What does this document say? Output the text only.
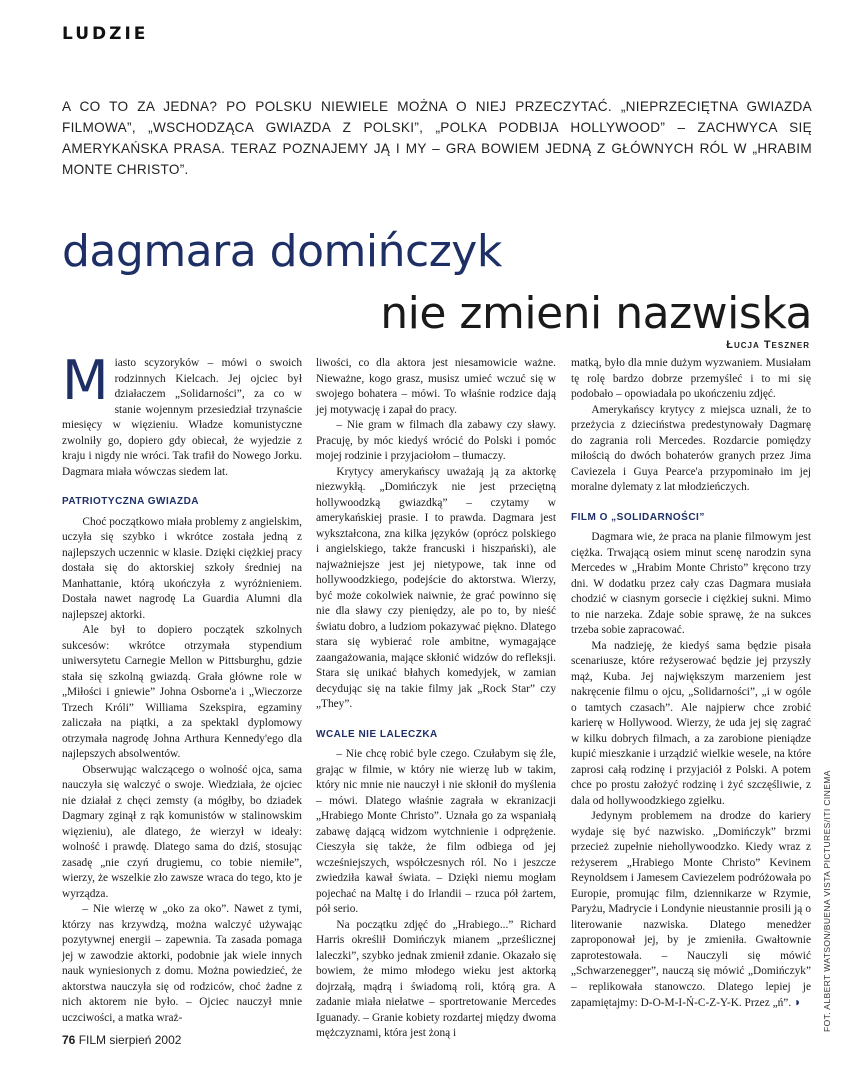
LUDZIE
A CO TO ZA JEDNA? PO POLSKU NIEWIELE MOŻNA O NIEJ PRZECZYTAĆ. „NIEPRZECIĘTNA GWIAZDA FILMOWA”, „WSCHODZĄCA GWIAZDA Z POLSKI”, „POLKA PODBIJA HOLLYWOOD” – ZACHWYCA SIĘ AMERYKAŃSKA PRASA. TERAZ POZNAJEMY JĄ I MY – GRA BOWIEM JEDNĄ Z GŁÓWNYCH RÓL W „HRABIM MONTE CHRISTO”.
dagmara domińczyk
nie zmieni nazwiska
Łucja Teszner

Miasto scyzoryków – mówi o swoich rodzinnych Kielcach. Jej ojciec był działaczem „Solidarności”, za co w stanie wojennym przesiedział trzynaście miesięcy w więzieniu. Władze komunistyczne zwolniły go, dopiero gdy obiecał, że wyjedzie z kraju i nigdy nie wróci. Tak trafił do Nowego Jorku. Dagmara miała wówczas siedem lat.

PATRIOTYCZNA GWIAZDA

Choć początkowo miała problemy z angielskim, uczyła się szybko i wkrótce została jedną z najlepszych uczennic w klasie. Dzięki ciężkiej pracy dostała się do aktorskiej szkoły średniej na Manhattanie, którą ukończyła z wyróżnieniem. Dostała nawet nagrodę La Guardia Alumni dla najlepszej aktorki.

Ale był to dopiero początek szkolnych sukcesów: wkrótce otrzymała stypendium uniwersytetu Carnegie Mellon w Pittsburghu, gdzie stała się szkolną gwiazdą. Grała główne role w „Miłości i gniewie” Johna Osborne'a i „Wieczorze Trzech Króli” Williama Szekspira, egzaminy zaliczała na piątki, a za spektakl dyplomowy otrzymała nagrodę Johna Arthura Kennedy'ego dla najlepszych absolwentów.

Obserwując walczącego o wolność ojca, sama nauczyła się walczyć o swoje. Wiedziała, że ojciec nie działał z chęci zemsty (a mógłby, bo dziadek Dagmary zginął z rąk komunistów w stalinowskim więzieniu), ale dlatego, że wierzył w ideały: wolność i prawdę. Dlatego sama do dziś, stosując zasadę „nie czyń drugiemu, co tobie niemiłe”, wierzy, że wszelkie zło zawsze wraca do tego, kto je wyrządza.

– Nie wierzę w „oko za oko”. Nawet z tymi, którzy nas krzywdzą, można walczyć używając pozytywnej energii – zapewnia. Ta zasada pomaga jej w zawodzie aktorki, podobnie jak wiele innych nauk wyniesionych z domu. Można powiedzieć, że aktorstwa nauczyła się od rodziców, choć żadne z nich aktorem nie było. – Ojciec nauczył mnie uczciwości, a matka wraż-

liwości, co dla aktora jest niesamowicie ważne. Nieważne, kogo grasz, musisz umieć wczuć się w swojego bohatera – mówi. To właśnie rodzice dają jej motywację i zapał do pracy.

– Nie gram w filmach dla zabawy czy sławy. Pracuję, by móc kiedyś wrócić do Polski i pomóc mojej rodzinie i przyjaciołom – tłumaczy.

Krytycy amerykańscy uważają ją za aktorkę niezwykłą. „Domińczyk nie jest przeciętną hollywoodzką gwiazdką” – czytamy w amerykańskiej prasie. I to prawda. Dagmara jest wykształcona, zna kilka języków (oprócz polskiego i angielskiego, także francuski i hiszpański), ale najważniejsze jest jej nietypowe, tak inne od hollywoodzkiego, podejście do aktorstwa. Wierzy, być może cokolwiek naiwnie, że grać powinno się nie dla sławy czy pieniędzy, ale po to, by nieść światu dobro, a ludziom pokazywać piękno. Dlatego stara się wybierać role ambitne, wymagające zaangażowania, mające skłonić widzów do refleksji. Stara się unikać błahych komedyjek, w zamian decydując się na takie filmy jak „Rock Star” czy „They”.

WCALE NIE LALECZKA

– Nie chcę robić byle czego. Czułabym się źle, grając w filmie, w który nie wierzę lub w takim, który nic mnie nie nauczył i nie skłonił do myślenia – mówi. Dlatego właśnie zagrała w ekranizacji „Hrabiego Monte Christo”. Uznała go za wspaniałą zabawę dającą widzom wytchnienie i odprężenie. Cieszyła się także, że film odbiega od jej wcześniejszych, współczesnych ról. No i jeszcze zwiedziła kawał świata. – Dzięki niemu mogłam pojechać na Maltę i do Irlandii – rzuca pół żartem, pół serio.

Na początku zdjęć do „Hrabiego...” Richard Harris określił Domińczyk mianem „prześlicznej laleczki”, szybko jednak zmienił zdanie. Okazało się bowiem, że mimo młodego wieku jest aktorką dojrzałą, mądrą i świadomą roli, którą gra. A zadanie miała niełatwe – sportretowanie Mercedes Iguanady. – Granie kobiety rozdartej między dwoma mężczyznami, która jest żoną i

matką, było dla mnie dużym wyzwaniem. Musiałam tę rolę bardzo dobrze przemyśleć i to mi się podobało – opowiadała po ukończeniu zdjęć.

Amerykańscy krytycy z miejsca uznali, że to przeżycia z dzieciństwa predestynowały Dagmarę do zagrania roli Mercedes. Rozdarcie pomiędzy miłością do dwóch bohaterów granych przez Jima Caviezela i Guya Pearce'a przypominało im jej moralne dylematy z lat młodzieńczych.

FILM O „SOLIDARNOŚCI”

Dagmara wie, że praca na planie filmowym jest ciężka. Trwającą osiem minut scenę narodzin syna Mercedes w „Hrabim Monte Christo” kręcono trzy dni. W dodatku przez cały czas Dagmara musiała chodzić w ciasnym gorsecie i ciężkiej sukni. Mimo to nie narzeka. Zdaje sobie sprawę, że na sukces trzeba sobie zapracować.

Ma nadzieję, że kiedyś sama będzie pisała scenariusze, które reżyserować będzie jej przyszły mąż, Kuba. Jej największym marzeniem jest nakręcenie filmu o ojcu, „Solidarności”, „i w ogóle o tamtych czasach”. Ale najpierw chce zrobić karierę w Hollywood. Wierzy, że uda jej się zagrać w kilku dobrych filmach, a za zarobione pieniądze kupić mieszkanie i urządzić wielkie wesele, na które zaprosi całą rodzinę i przyjaciół z Polski. A potem chce po prostu założyć rodzinę i żyć szczęśliwie, z dala od hollywoodzkiego zgiełku.

Jedynym problemem na drodze do kariery wydaje się być nazwisko. „Domińczyk” brzmi przecież zupełnie niehollywoodzko. Kiedy wraz z reżyserem „Hrabiego Monte Christo” Kevinem Reynoldsem i Jamesem Caviezelem podróżowała po Europie, promując film, dziennikarze w Rzymie, Paryżu, Madrycie i Londynie nieustannie prosili ją o literowanie nazwiska. Dlatego menedżer zaproponował jej, by je zmieniła. Gwałtownie zaprotestowała. – Nauczyli się mówić „Schwarzenegger”, nauczą się mówić „Domińczyk” – replikowała stanowczo. Dlatego lepiej je zapamiętajmy: D-O-M-I-Ń-C-Z-Y-K. Przez „ń”. ◗

76 FILM sierpień 2002
FOT. ALBERT WATSON/BUENA VISTA PICTURES/ITI CINEMA
